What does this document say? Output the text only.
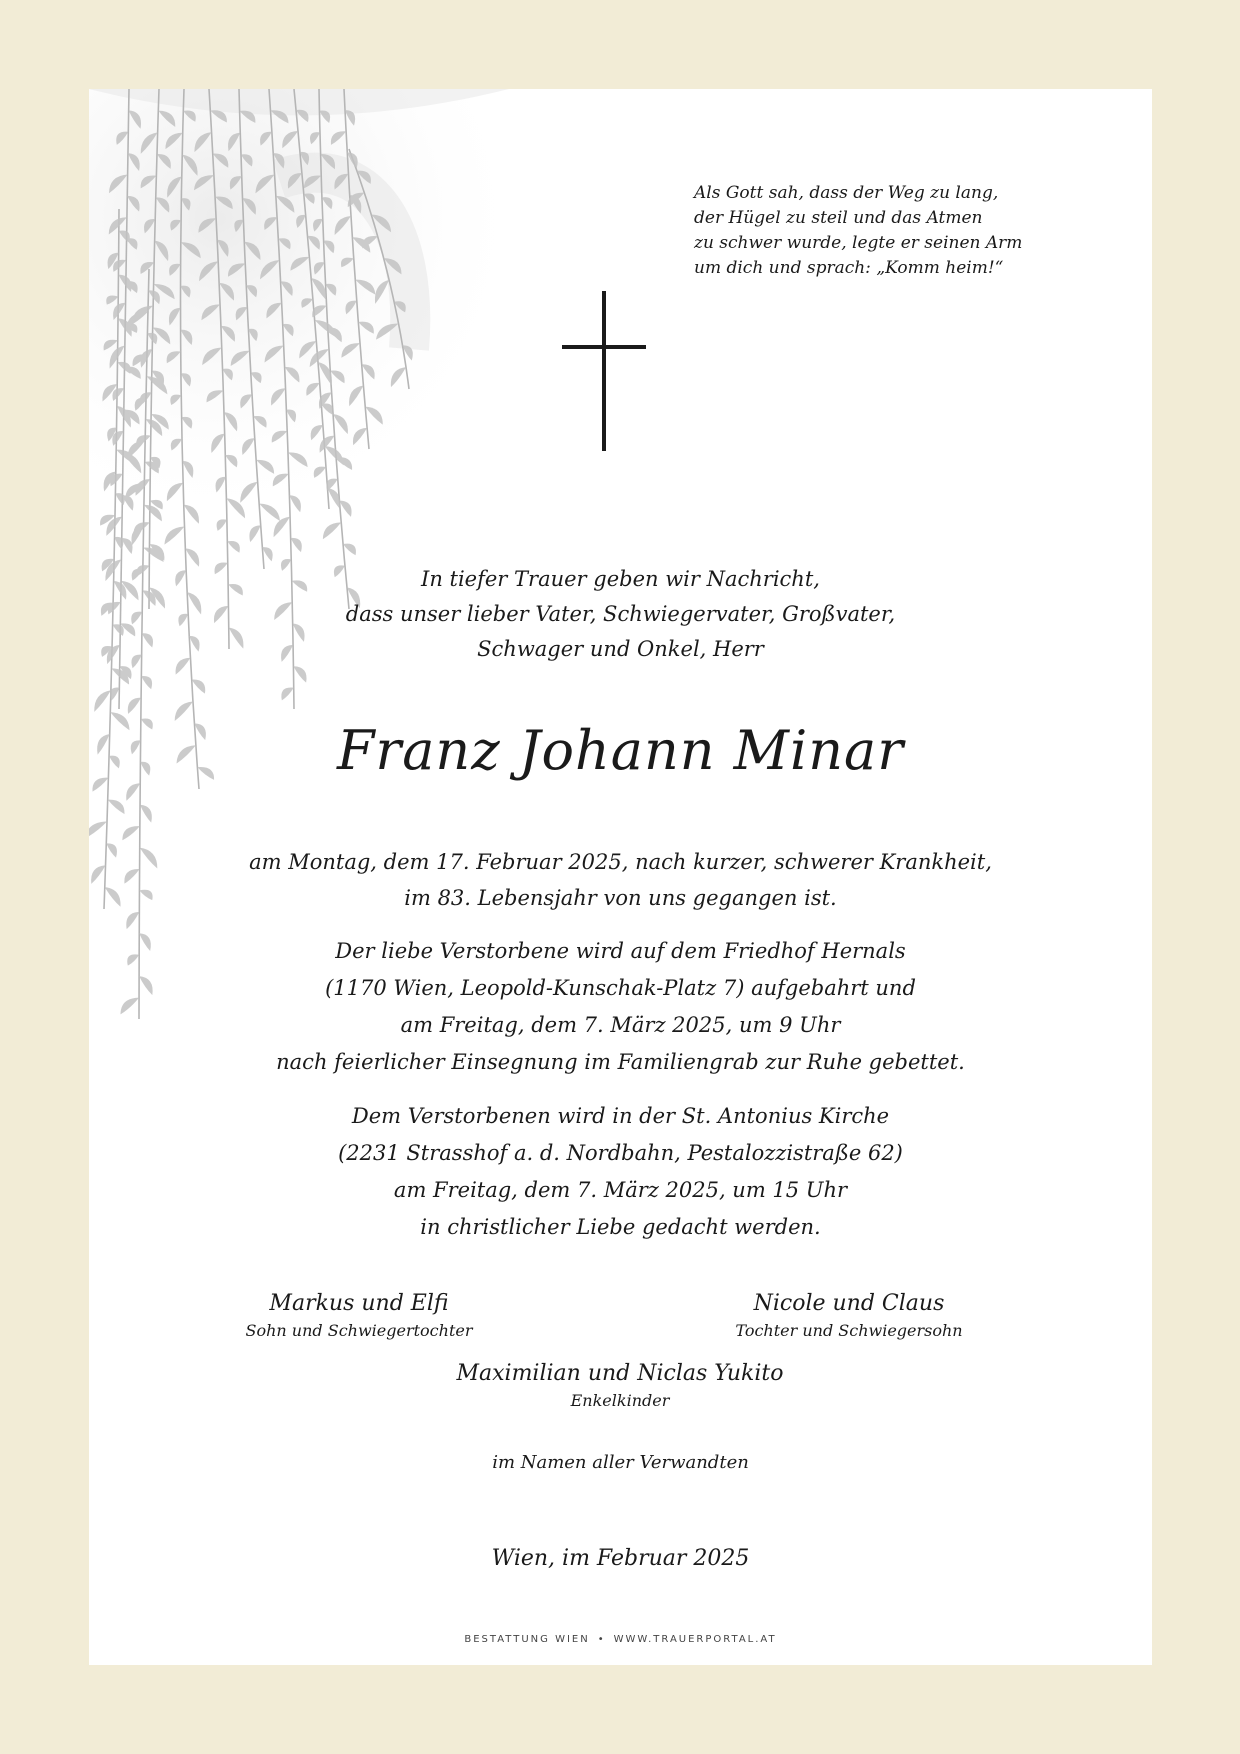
Als Gott sah, dass der Weg zu lang,
der Hügel zu steil und das Atmen
zu schwer wurde, legte er seinen Arm
um dich und sprach: „Komm heim!“
In tiefer Trauer geben wir Nachricht,
dass unser lieber Vater, Schwiegervater, Großvater,
Schwager und Onkel, Herr
Franz Johann Minar
am Montag, dem 17. Februar 2025, nach kurzer, schwerer Krankheit,
im 83. Lebensjahr von uns gegangen ist.
Der liebe Verstorbene wird auf dem Friedhof Hernals
(1170 Wien, Leopold-Kunschak-Platz 7) aufgebahrt und
am Freitag, dem 7. März 2025, um 9 Uhr
nach feierlicher Einsegnung im Familiengrab zur Ruhe gebettet.
Dem Verstorbenen wird in der St. Antonius Kirche
(2231 Strasshof a. d. Nordbahn, Pestalozzistraße 62)
am Freitag, dem 7. März 2025, um 15 Uhr
in christlicher Liebe gedacht werden.
Markus und Elfi
Sohn und Schwiegertochter
Nicole und Claus
Tochter und Schwiegersohn
Maximilian und Niclas Yukito
Enkelkinder
im Namen aller Verwandten
Wien, im Februar 2025
BESTATTUNG WIEN • WWW.TRAUERPORTAL.AT
